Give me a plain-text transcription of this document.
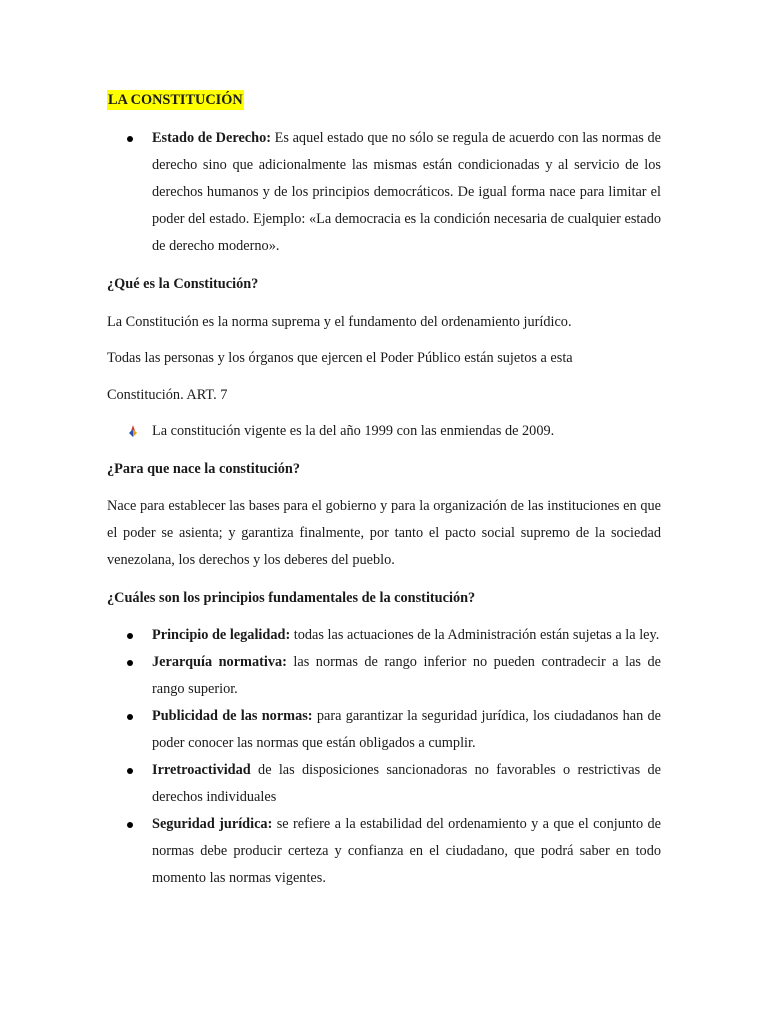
LA CONSTITUCIÓN
Estado de Derecho: Es aquel estado que no sólo se regula de acuerdo con las normas de derecho sino que adicionalmente las mismas están condicionadas y al servicio de los derechos humanos y de los principios democráticos. De igual forma nace para limitar el poder del estado. Ejemplo: «La democracia es la condición necesaria de cualquier estado de derecho moderno».
¿Qué es la Constitución?
La Constitución es la norma suprema y el fundamento del ordenamiento jurídico.
Todas las personas y los órganos que ejercen el Poder Público están sujetos a esta
Constitución. ART. 7
La constitución vigente es la del año 1999 con las enmiendas de 2009.
¿Para que nace la constitución?
Nace para establecer las bases para el gobierno y para la organización de las instituciones en que el poder se asienta; y garantiza finalmente, por tanto el pacto social supremo de la sociedad venezolana, los derechos y los deberes del pueblo.
¿Cuáles son los principios fundamentales de la constitución?
Principio de legalidad: todas las actuaciones de la Administración están sujetas a la ley.
Jerarquía normativa: las normas de rango inferior no pueden contradecir a las de rango superior.
Publicidad de las normas: para garantizar la seguridad jurídica, los ciudadanos han de poder conocer las normas que están obligados a cumplir.
Irretroactividad de las disposiciones sancionadoras no favorables o restrictivas de derechos individuales
Seguridad jurídica: se refiere a la estabilidad del ordenamiento y a que el conjunto de normas debe producir certeza y confianza en el ciudadano, que podrá saber en todo momento las normas vigentes.
